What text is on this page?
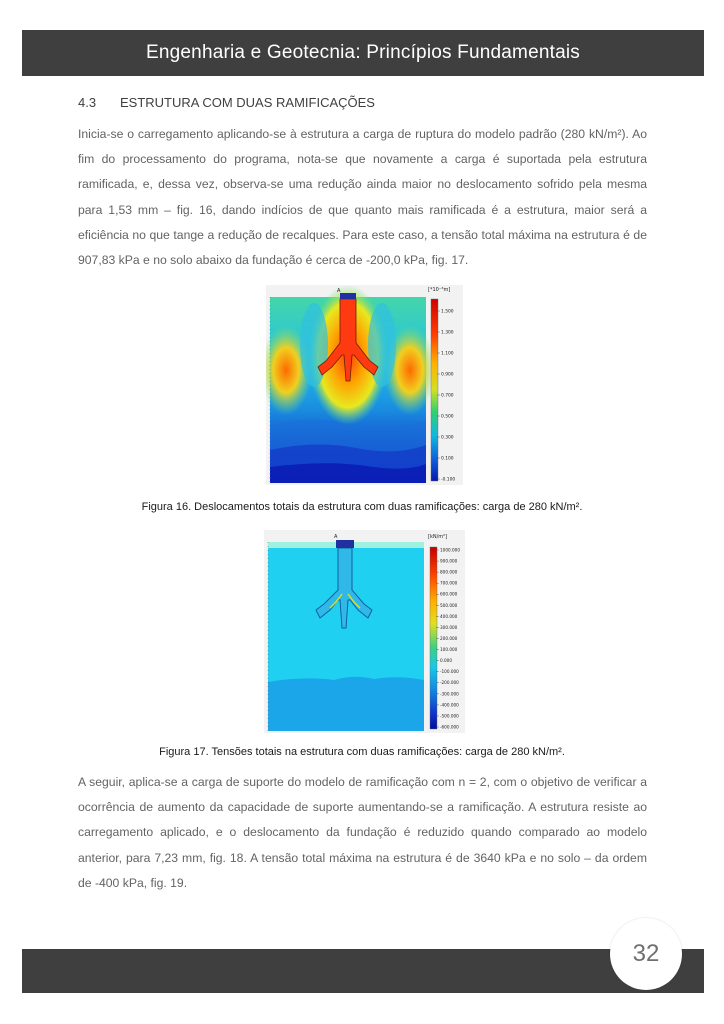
Engenharia e Geotecnia: Princípios Fundamentais
4.3 ESTRUTURA COM DUAS RAMIFICAÇÕES
Inicia-se o carregamento aplicando-se à estrutura a carga de ruptura do modelo padrão (280 kN/m²). Ao fim do processamento do programa, nota-se que novamente a carga é suportada pela estrutura ramificada, e, dessa vez, observa-se uma redução ainda maior no deslocamento sofrido pela mesma para 1,53 mm – fig. 16, dando indícios de que quanto mais ramificada é a estrutura, maior será a eficiência no que tange a redução de recalques. Para este caso, a tensão total máxima na estrutura é de 907,83 kPa e no solo abaixo da fundação é cerca de -200,0 kPa, fig. 17.
A	[*10⁻³m]
1.500
1.300
1.100
0.900
0.700
0.500
0.300
0.100
-0.100
Figura 16. Deslocamentos totais da estrutura com duas ramificações: carga de 280 kN/m².
A	[kN/m²]
1000.000
900.000
800.000
700.000
600.000
500.000
400.000
300.000
200.000
100.000
0.000
-100.000
-200.000
-300.000
-400.000
-500.000
-600.000
Figura 17. Tensões totais na estrutura com duas ramificações: carga de 280 kN/m².
A seguir, aplica-se a carga de suporte do modelo de ramificação com n = 2, com o objetivo de verificar a ocorrência de aumento da capacidade de suporte aumentando-se a ramificação. A estrutura resiste ao carregamento aplicado, e o deslocamento da fundação é reduzido quando comparado ao modelo anterior, para 7,23 mm, fig. 18. A tensão total máxima na estrutura é de 3640 kPa e no solo – da ordem de -400 kPa, fig. 19.
32
